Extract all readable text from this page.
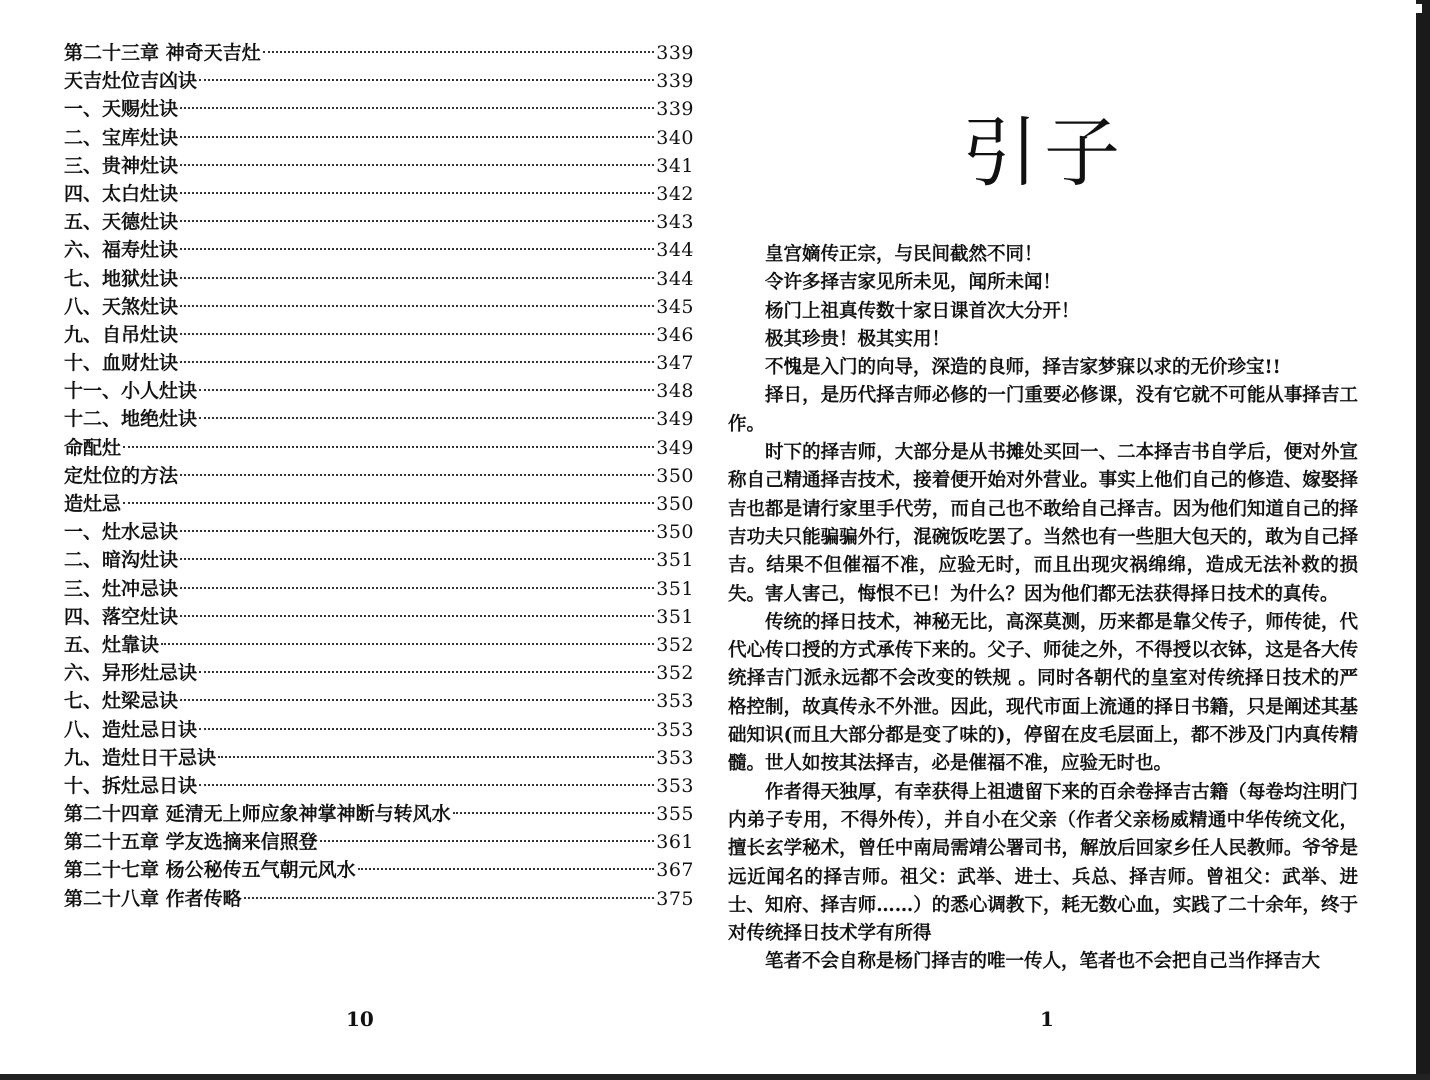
第二十三章 神奇天吉灶	339
天吉灶位吉凶诀	339
一、天赐灶诀	339
二、宝库灶诀	340
三、贵神灶诀	341
四、太白灶诀	342
五、天德灶诀	343
六、福寿灶诀	344
七、地狱灶诀	344
八、天煞灶诀	345
九、自吊灶诀	346
十、血财灶诀	347
十一、小人灶诀	348
十二、地绝灶诀	349
命配灶	349
定灶位的方法	350
造灶忌	350
一、灶水忌诀	350
二、暗沟灶诀	351
三、灶冲忌诀	351
四、落空灶诀	351
五、灶靠诀	352
六、异形灶忌诀	352
七、灶梁忌诀	353
八、造灶忌日诀	353
九、造灶日干忌诀	353
十、拆灶忌日诀	353
第二十四章 延清无上师应象神掌神断与转风水	355
第二十五章 学友选摘来信照登	361
第二十七章 杨公秘传五气朝元风水	367
第二十八章 作者传略	375
10
引子

皇宫嫡传正宗，与民间截然不同！

令许多择吉家见所未见，闻所未闻！

杨门上祖真传数十家日课首次大分开！

极其珍贵！极其实用！

不愧是入门的向导，深造的良师，择吉家梦寐以求的无价珍宝!!

择日，是历代择吉师必修的一门重要必修课，没有它就不可能从事择吉工作。

时下的择吉师，大部分是从书摊处买回一、二本择吉书自学后，便对外宣称自己精通择吉技术，接着便开始对外营业。事实上他们自己的修造、嫁娶择吉也都是请行家里手代劳，而自己也不敢给自己择吉。因为他们知道自己的择吉功夫只能骗骗外行，混碗饭吃罢了。当然也有一些胆大包天的，敢为自己择吉。结果不但催福不准，应验无时，而且出现灾祸绵绵，造成无法补救的损失。害人害己，悔恨不已！为什么？因为他们都无法获得择日技术的真传。

传统的择日技术，神秘无比，高深莫测，历来都是靠父传子，师传徒，代代心传口授的方式承传下来的。父子、师徒之外，不得授以衣钵，这是各大传统择吉门派永远都不会改变的铁规 。同时各朝代的皇室对传统择日技术的严格控制，故真传永不外泄。因此，现代市面上流通的择日书籍，只是阐述其基础知识(而且大部分都是变了味的)，停留在皮毛层面上，都不涉及门内真传精髓。世人如按其法择吉，必是催福不准，应验无时也。

作者得天独厚，有幸获得上祖遗留下来的百余卷择吉古籍（每卷均注明门内弟子专用，不得外传），并自小在父亲（作者父亲杨威精通中华传统文化，擅长玄学秘术，曾任中南局需靖公署司书，解放后回家乡任人民教师。爷爷是远近闻名的择吉师。祖父：武举、进士、兵总、择吉师。曾祖父：武举、进士、知府、择吉师……）的悉心调教下，耗无数心血，实践了二十余年，终于对传统择日技术学有所得

笔者不会自称是杨门择吉的唯一传人，笔者也不会把自己当作择吉大

1
